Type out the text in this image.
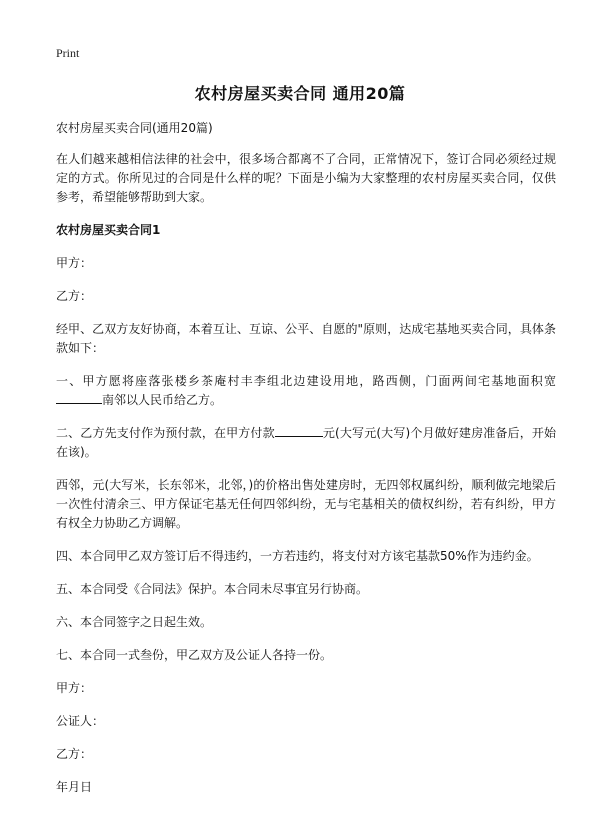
Print
农村房屋买卖合同 通用20篇

农村房屋买卖合同(通用20篇)

在人们越来越相信法律的社会中，很多场合都离不了合同，正常情况下，签订合同必须经过规定的方式。你所见过的合同是什么样的呢？下面是小编为大家整理的农村房屋买卖合同，仅供参考，希望能够帮助到大家。

农村房屋买卖合同1

甲方：

乙方：

经甲、乙双方友好协商，本着互让、互谅、公平、自愿的"原则，达成宅基地买卖合同，具体条款如下：

一、甲方愿将座落张楼乡茶庵村丰李组北边建设用地，路西侧，门面两间宅基地面积宽南邻以人民币给乙方。

二、乙方先支付作为预付款，在甲方付款	元(大写元(大写)个月做好建房准备后，开始在该)。

西邻，元(大写米，长东邻米，北邻，)的价格出售处建房时，无四邻权属纠纷，顺利做完地梁后一次性付清余三、甲方保证宅基无任何四邻纠纷，无与宅基相关的债权纠纷，若有纠纷，甲方有权全力协助乙方调解。

四、本合同甲乙双方签订后不得违约，一方若违约，将支付对方该宅基款50%作为违约金。

五、本合同受《合同法》保护。本合同未尽事宜另行协商。

六、本合同签字之日起生效。

七、本合同一式叁份，甲乙双方及公证人各持一份。

甲方：

公证人：

乙方：

年月日
